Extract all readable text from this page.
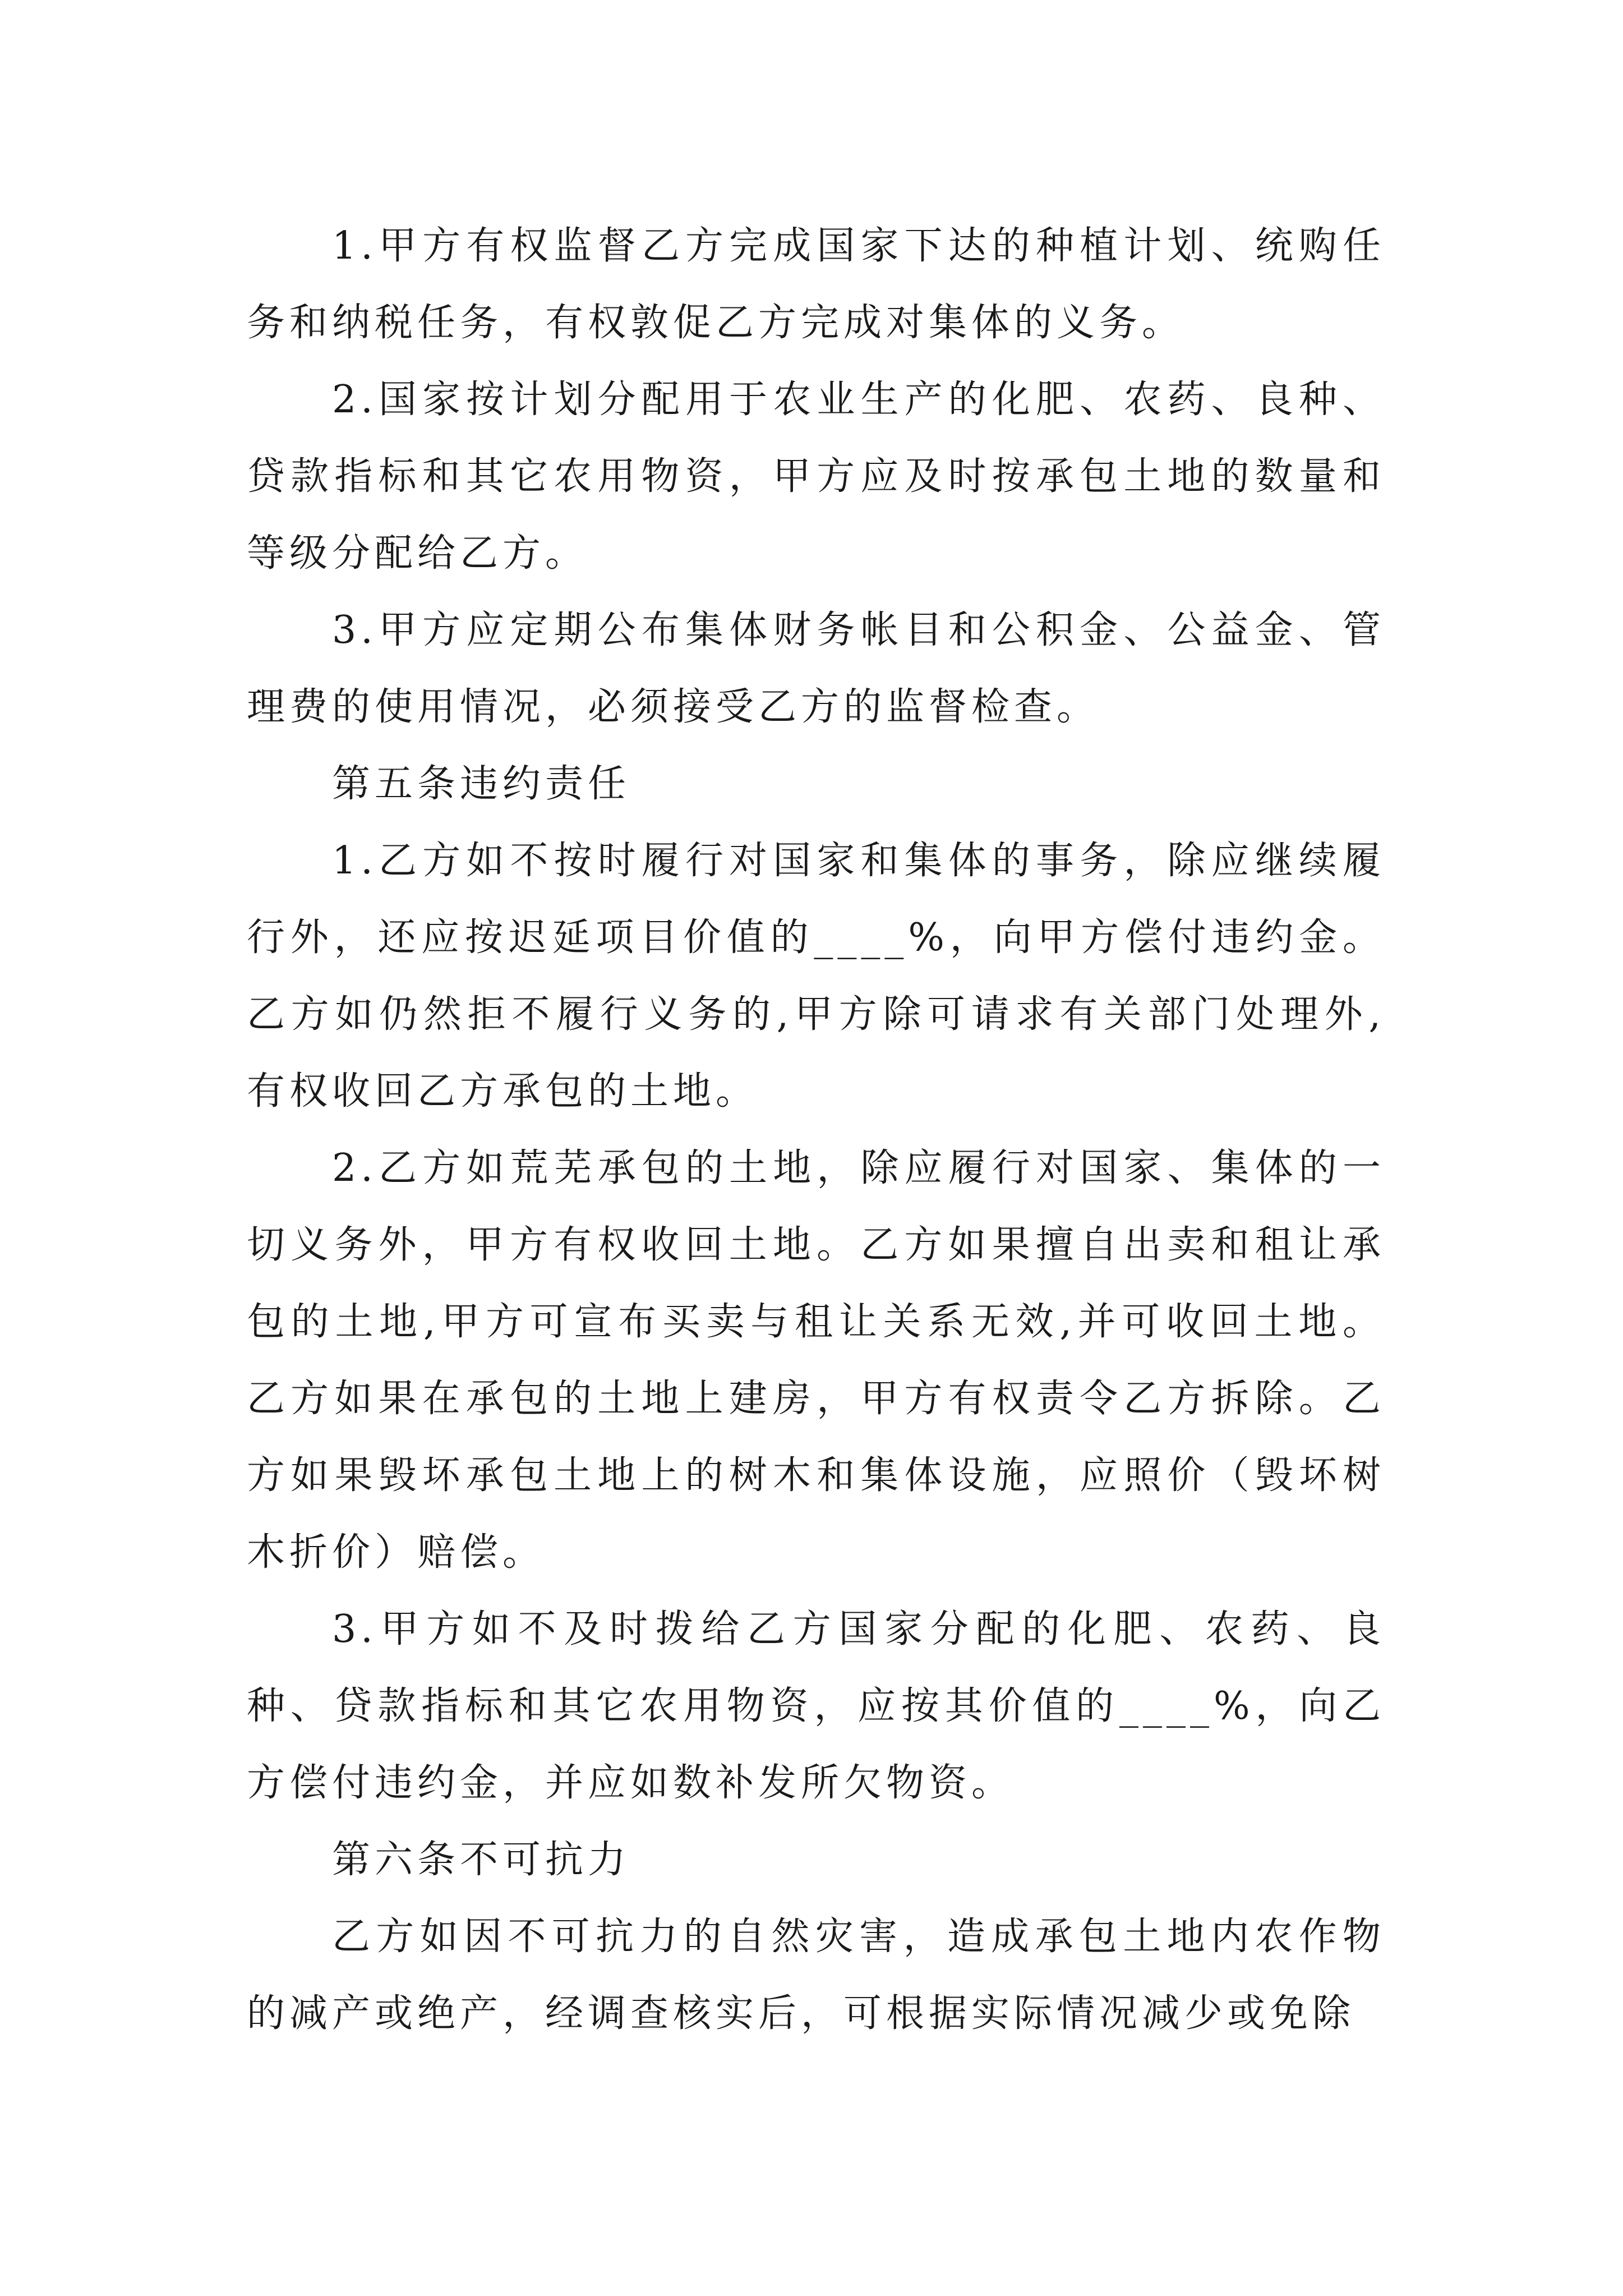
1.甲方有权监督乙方完成国家下达的种植计划、统购任务和纳税任务，有权敦促乙方完成对集体的义务。

2.国家按计划分配用于农业生产的化肥、农药、良种、贷款指标和其它农用物资，甲方应及时按承包土地的数量和等级分配给乙方。

3.甲方应定期公布集体财务帐目和公积金、公益金、管理费的使用情况，必须接受乙方的监督检查。

第五条违约责任

1.乙方如不按时履行对国家和集体的事务，除应继续履行外，还应按迟延项目价值的____%，向甲方偿付违约金。乙方如仍然拒不履行义务的,甲方除可请求有关部门处理外,有权收回乙方承包的土地。

2.乙方如荒芜承包的土地，除应履行对国家、集体的一切义务外，甲方有权收回土地。乙方如果擅自出卖和租让承包的土地,甲方可宣布买卖与租让关系无效,并可收回土地。乙方如果在承包的土地上建房，甲方有权责令乙方拆除。乙方如果毁坏承包土地上的树木和集体设施，应照价（毁坏树木折价）赔偿。

3.甲方如不及时拨给乙方国家分配的化肥、农药、良种、贷款指标和其它农用物资，应按其价值的____%，向乙方偿付违约金，并应如数补发所欠物资。

第六条不可抗力

乙方如因不可抗力的自然灾害，造成承包土地内农作物的减产或绝产，经调查核实后，可根据实际情况减少或免除
